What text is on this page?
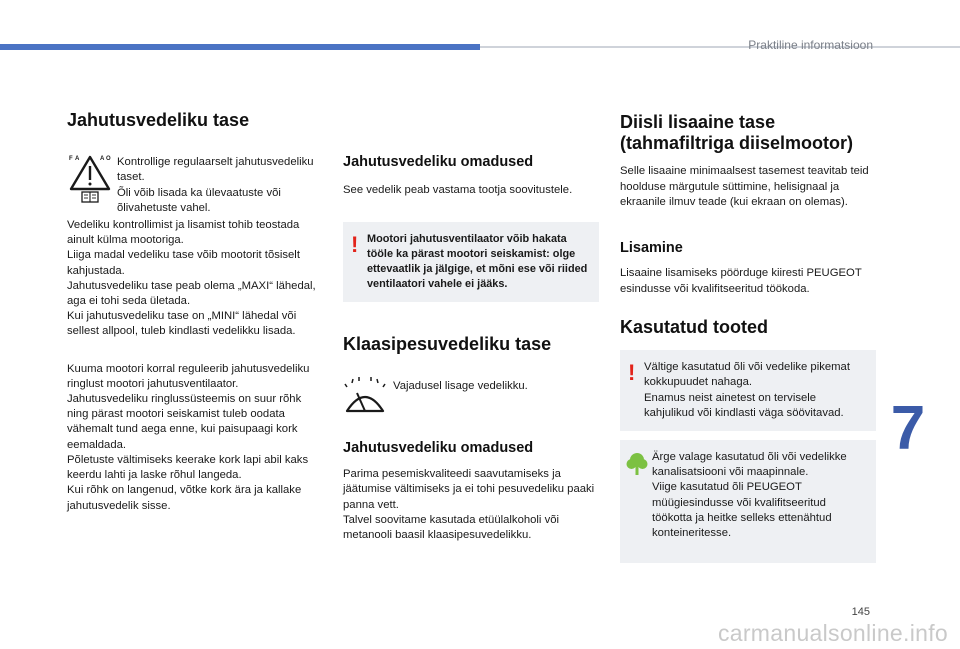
Praktiline informatsioon
7
145
carmanualsonline.info
Jahutusvedeliku tase
F A	A O Kontrollige regulaarselt jahutusvedeliku taset.
Õli võib lisada ka ülevaatuste või õlivahetuste vahel.

Vedeliku kontrollimist ja lisamist tohib teostada ainult külma mootoriga.
Liiga madal vedeliku tase võib mootorit tõsiselt kahjustada.
Jahutusvedeliku tase peab olema „MAXI“ lähedal, aga ei tohi seda ületada.
Kui jahutusvedeliku tase on „MINI“ lähedal või sellest allpool, tuleb kindlasti vedelikku lisada.

Kuuma mootori korral reguleerib jahutusvedeliku ringlust mootori jahutusventilaator.
Jahutusvedeliku ringlussüsteemis on suur rõhk ning pärast mootori seiskamist tuleb oodata vähemalt tund aega enne, kui paisupaagi kork eemaldada.
Põletuste vältimiseks keerake kork lapi abil kaks keerdu lahti ja laske rõhul langeda.
Kui rõhk on langenud, võtke kork ära ja kallake jahutusvedelik sisse.

Jahutusvedeliku omadused

See vedelik peab vastama tootja soovitustele.

! Mootori jahutusventilaator võib hakata tööle ka pärast mootori seiskamist: olge ettevaatlik ja jälgige, et mõni ese või riided ventilaatori vahele ei jääks.

Klaasipesuvedeliku tase

Vajadusel lisage vedelikku.

Jahutusvedeliku omadused

Parima pesemiskvaliteedi saavutamiseks ja jäätumise vältimiseks ja ei tohi pesuvedeliku paaki panna vett.
Talvel soovitame kasutada etüülalkoholi või metanooli baasil klaasipesuvedelikku.

Diisli lisaaine tase (tahmafiltriga diiselmootor)

Selle lisaaine minimaalsest tasemest teavitab teid hoolduse märgutule süttimine, helisignaal ja ekraanile ilmuv teade (kui ekraan on olemas).

Lisamine

Lisaaine lisamiseks pöörduge kiiresti PEUGEOT esindusse või kvalifitseeritud töökoda.

Kasutatud tooted
! Vältige kasutatud õli või vedelike pikemat kokkupuudet nahaga.
Enamus neist ainetest on tervisele kahjulikud või kindlasti väga söövitavad.

Ärge valage kasutatud õli või vedelikke kanalisatsiooni või maapinnale.
Viige kasutatud õli PEUGEOT müügiesindusse või kvalifitseeritud töökotta ja heitke selleks ettenähtud konteineritesse.
